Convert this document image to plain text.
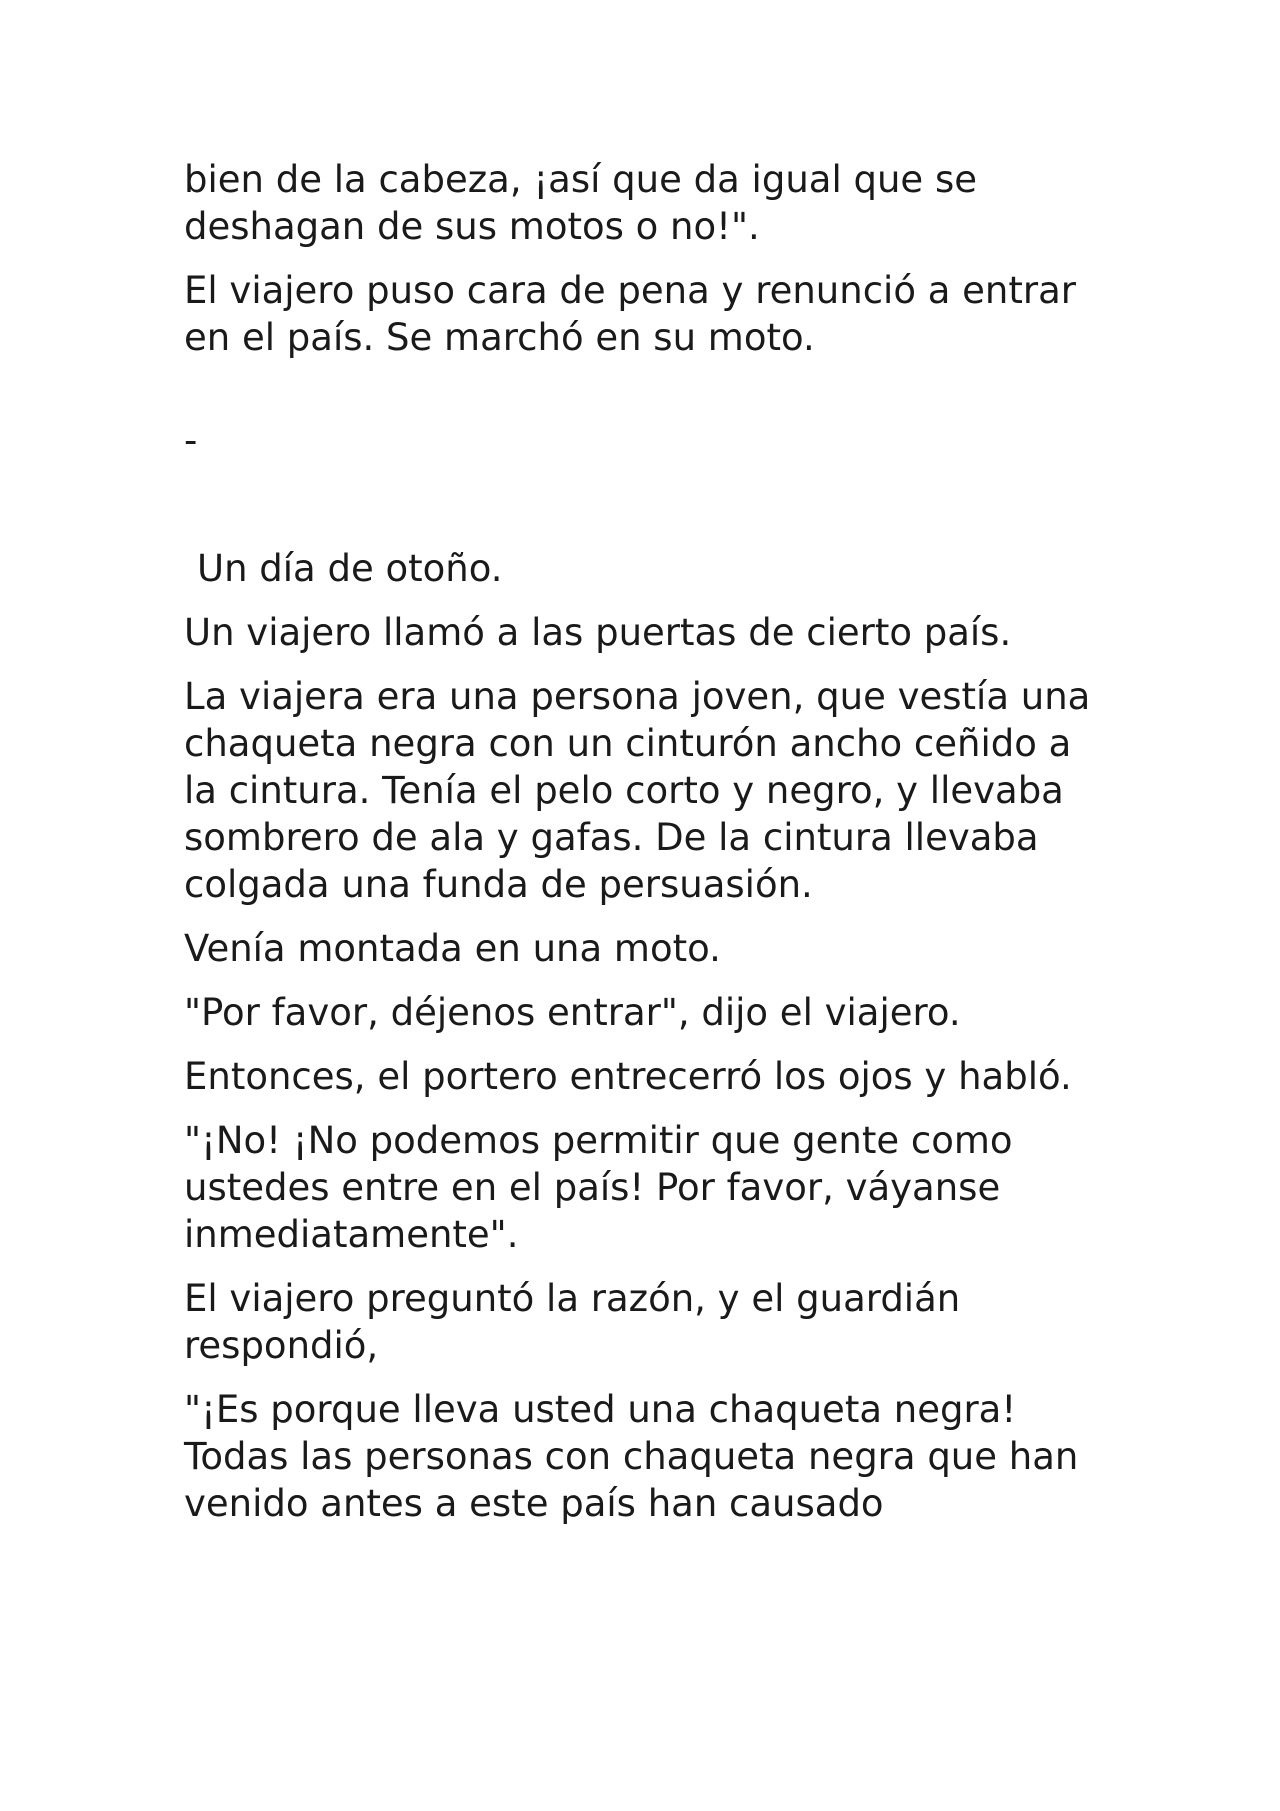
bien de la cabeza, ¡así que da igual que se deshagan de sus motos o no!".

El viajero puso cara de pena y renunció a entrar en el país. Se marchó en su moto.

-

Un día de otoño.

Un viajero llamó a las puertas de cierto país.

La viajera era una persona joven, que vestía una chaqueta negra con un cinturón ancho ceñido a la cintura. Tenía el pelo corto y negro, y llevaba sombrero de ala y gafas. De la cintura llevaba colgada una funda de persuasión.

Venía montada en una moto.

"Por favor, déjenos entrar", dijo el viajero.

Entonces, el portero entrecerró los ojos y habló.

"¡No! ¡No podemos permitir que gente como ustedes entre en el país! Por favor, váyanse inmediatamente".

El viajero preguntó la razón, y el guardián respondió,

"¡Es porque lleva usted una chaqueta negra! Todas las personas con chaqueta negra que han venido antes a este país han causado
